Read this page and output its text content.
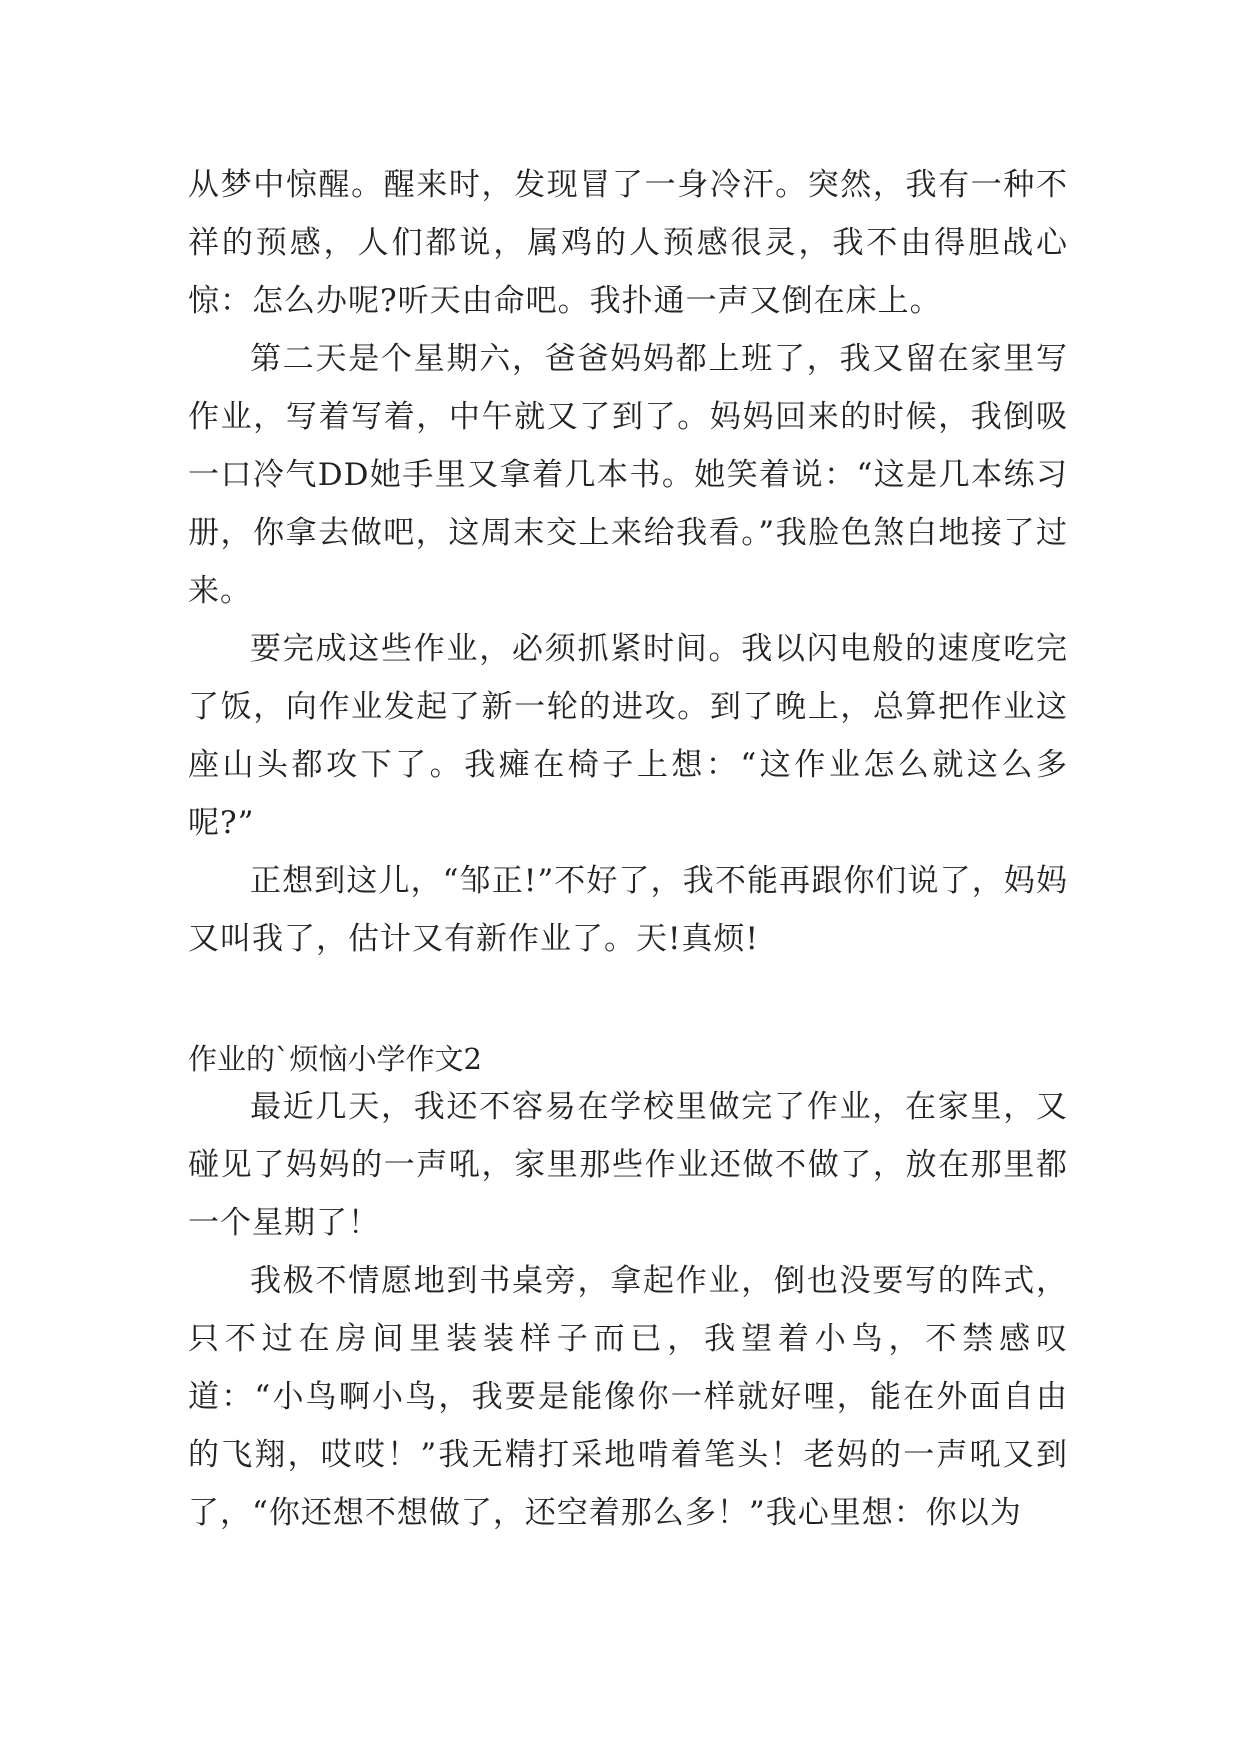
从梦中惊醒。醒来时，发现冒了一身冷汗。突然，我有一种不祥的预感，人们都说，属鸡的人预感很灵，我不由得胆战心惊：怎么办呢?听天由命吧。我扑通一声又倒在床上。

第二天是个星期六，爸爸妈妈都上班了，我又留在家里写作业，写着写着，中午就又了到了。妈妈回来的时候，我倒吸一口冷气DD她手里又拿着几本书。她笑着说：“这是几本练习册，你拿去做吧，这周末交上来给我看。”我脸色煞白地接了过来。

要完成这些作业，必须抓紧时间。我以闪电般的速度吃完了饭，向作业发起了新一轮的进攻。到了晚上，总算把作业这座山头都攻下了。我瘫在椅子上想：“这作业怎么就这么多呢?”

正想到这儿，“邹正!”不好了，我不能再跟你们说了，妈妈又叫我了，估计又有新作业了。天!真烦!

作业的`烦恼小学作文2

最近几天，我还不容易在学校里做完了作业，在家里，又碰见了妈妈的一声吼，家里那些作业还做不做了，放在那里都一个星期了！

我极不情愿地到书桌旁，拿起作业，倒也没要写的阵式，只不过在房间里装装样子而已，我望着小鸟，不禁感叹道：“小鸟啊小鸟，我要是能像你一样就好哩，能在外面自由的飞翔，哎哎！”我无精打采地啃着笔头！老妈的一声吼又到了，“你还想不想做了，还空着那么多！”我心里想：你以为
